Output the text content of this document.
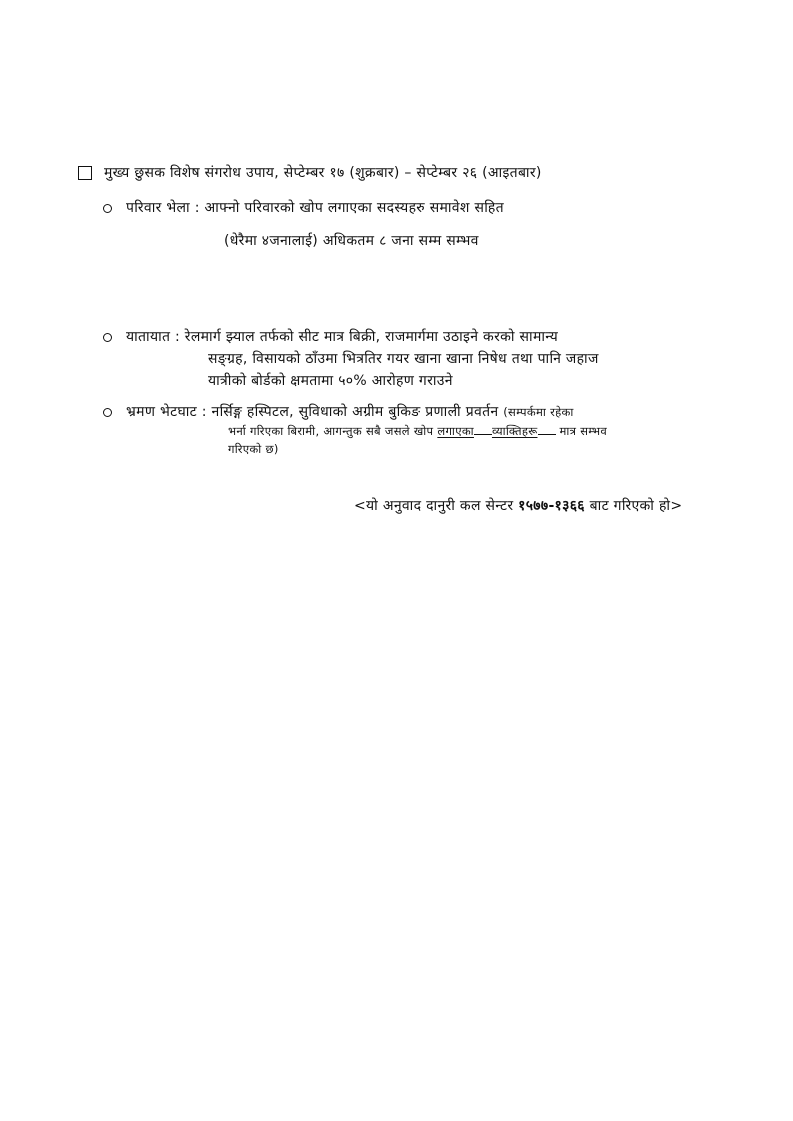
मुख्य छुसक विशेष संगरोध उपाय, सेप्टेम्बर १७ (शुक्रबार) – सेप्टेम्बर २६ (आइतबार)
परिवार भेला : आफ्नो परिवारको खोप लगाएका सदस्यहरु समावेश सहित
(धेरैमा ४जनालाई) अधिकतम ८ जना सम्म सम्भव
यातायात : रेलमार्ग झ्याल तर्फको सीट मात्र बिक्री, राजमार्गमा उठाइने करको सामान्य
सङ्ग्रह, विसायको ठाँउमा भित्रतिर गयर खाना खाना निषेध तथा पानि जहाज
यात्रीको बोर्डको क्षमतामा ५०% आरोहण गराउने
भ्रमण भेटघाट : नर्सिङ्ग हस्पिटल, सुविधाको अग्रीम बुकिङ प्रणाली प्रवर्तन (सम्पर्कमा रहेका
भर्ना गरिएका बिरामी, आगन्तुक सबै जसले खोप लगाएका व्याक्तिहरू मात्र सम्भव
गरिएको छ)
<यो अनुवाद दानुरी कल सेन्टर १५७७-१३६६ बाट गरिएको हो>
